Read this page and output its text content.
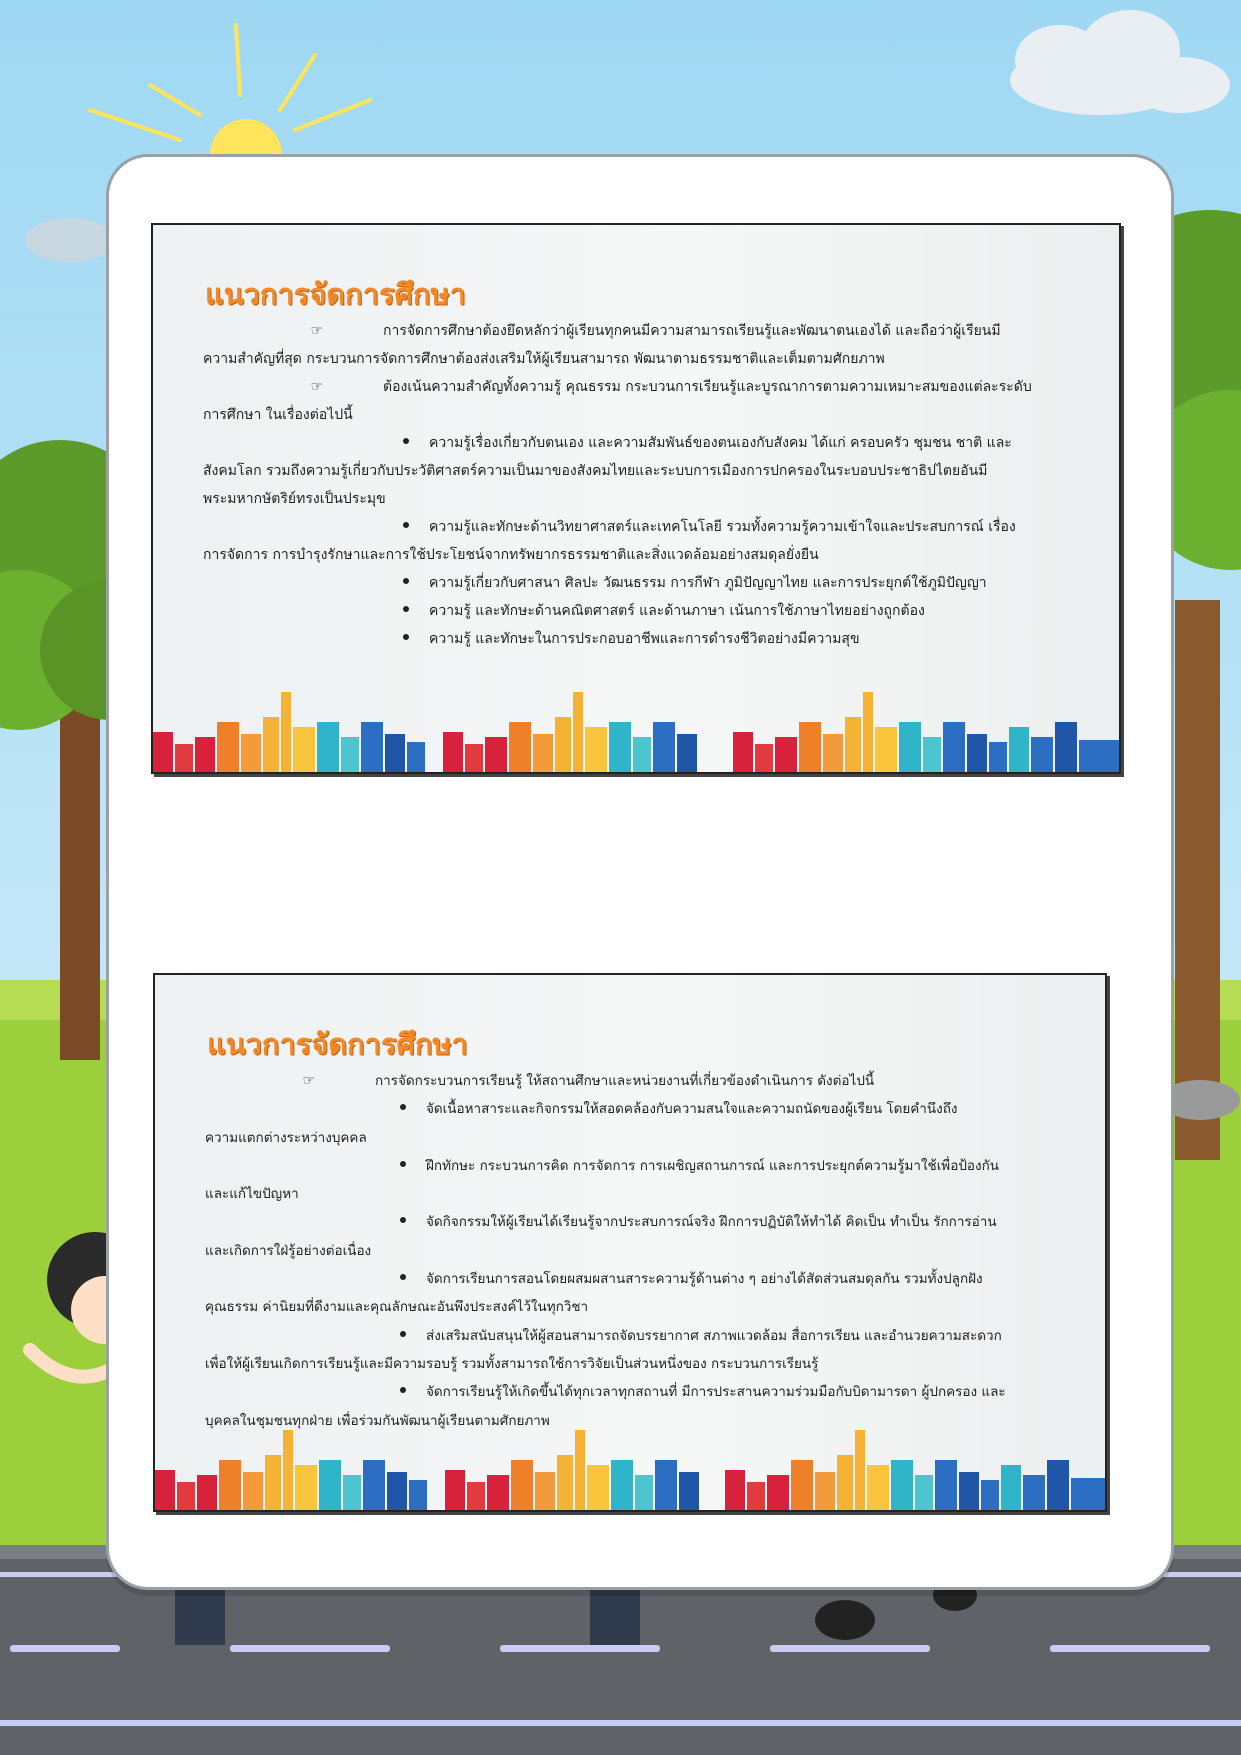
แนวการจัดการศึกษา

☞	การจัดการศึกษาต้องยึดหลักว่าผู้เรียนทุกคนมีความสามารถเรียนรู้และพัฒนาตนเองได้ และถือว่าผู้เรียนมี
ความสำคัญที่สุด กระบวนการจัดการศึกษาต้องส่งเสริมให้ผู้เรียนสามารถ พัฒนาตามธรรมชาติและเต็มตามศักยภาพ
☞	ต้องเน้นความสำคัญทั้งความรู้ คุณธรรม กระบวนการเรียนรู้และบูรณาการตามความเหมาะสมของแต่ละระดับ
การศึกษา ในเรื่องต่อไปนี้
ความรู้เรื่องเกี่ยวกับตนเอง และความสัมพันธ์ของตนเองกับสังคม ได้แก่ ครอบครัว ชุมชน ชาติ และ
สังคมโลก รวมถึงความรู้เกี่ยวกับประวัติศาสตร์ความเป็นมาของสังคมไทยและระบบการเมืองการปกครองในระบอบประชาธิปไตยอันมี
พระมหากษัตริย์ทรงเป็นประมุข
ความรู้และทักษะด้านวิทยาศาสตร์และเทคโนโลยี รวมทั้งความรู้ความเข้าใจและประสบการณ์ เรื่อง
การจัดการ การบำรุงรักษาและการใช้ประโยชน์จากทรัพยากรธรรมชาติและสิ่งแวดล้อมอย่างสมดุลยั่งยืน
ความรู้เกี่ยวกับศาสนา ศิลปะ วัฒนธรรม การกีฬา ภูมิปัญญาไทย และการประยุกต์ใช้ภูมิปัญญา
ความรู้ และทักษะด้านคณิตศาสตร์ และด้านภาษา เน้นการใช้ภาษาไทยอย่างถูกต้อง
ความรู้ และทักษะในการประกอบอาชีพและการดำรงชีวิตอย่างมีความสุข

แนวการจัดการศึกษา

☞	การจัดกระบวนการเรียนรู้ ให้สถานศึกษาและหน่วยงานที่เกี่ยวข้องดำเนินการ ดังต่อไปนี้
จัดเนื้อหาสาระและกิจกรรมให้สอดคล้องกับความสนใจและความถนัดของผู้เรียน โดยคำนึงถึง
ความแตกต่างระหว่างบุคคล
ฝึกทักษะ กระบวนการคิด การจัดการ การเผชิญสถานการณ์ และการประยุกต์ความรู้มาใช้เพื่อป้องกัน
และแก้ไขปัญหา
จัดกิจกรรมให้ผู้เรียนได้เรียนรู้จากประสบการณ์จริง ฝึกการปฏิบัติให้ทำได้ คิดเป็น ทำเป็น รักการอ่าน
และเกิดการใฝ่รู้อย่างต่อเนื่อง
จัดการเรียนการสอนโดยผสมผสานสาระความรู้ด้านต่าง ๆ อย่างได้สัดส่วนสมดุลกัน รวมทั้งปลูกฝัง
คุณธรรม ค่านิยมที่ดีงามและคุณลักษณะอันพึงประสงค์ไว้ในทุกวิชา
ส่งเสริมสนับสนุนให้ผู้สอนสามารถจัดบรรยากาศ สภาพแวดล้อม สื่อการเรียน และอำนวยความสะดวก
เพื่อให้ผู้เรียนเกิดการเรียนรู้และมีความรอบรู้ รวมทั้งสามารถใช้การวิจัยเป็นส่วนหนึ่งของ กระบวนการเรียนรู้
จัดการเรียนรู้ให้เกิดขึ้นได้ทุกเวลาทุกสถานที่ มีการประสานความร่วมมือกับบิดามารดา ผู้ปกครอง และ
บุคคลในชุมชนทุกฝ่าย เพื่อร่วมกันพัฒนาผู้เรียนตามศักยภาพ
